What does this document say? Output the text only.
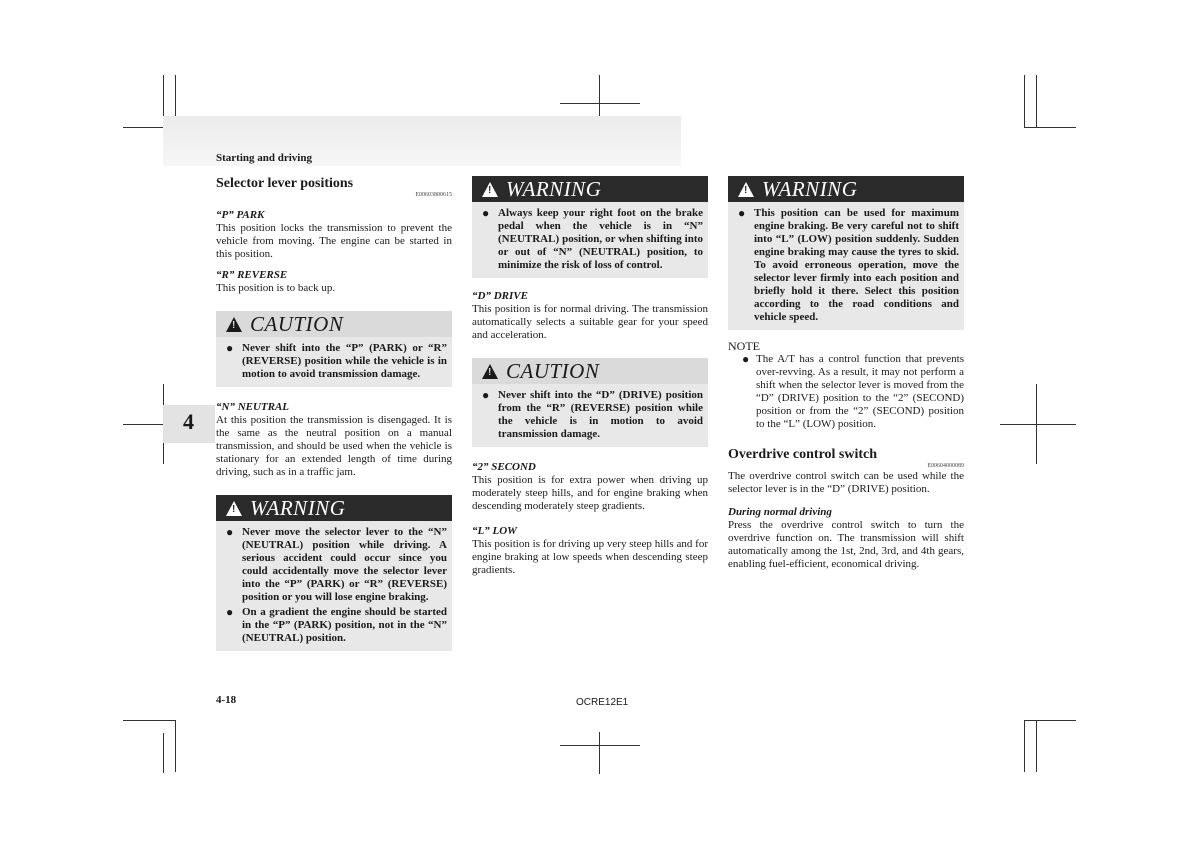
Starting and driving
4
Selector lever positions
E00603800615
“P” PARK

This position locks the transmission to prevent the vehicle from moving. The engine can be started in this position.

“R” REVERSE

This position is to back up.

!
CAUTION
● Never shift into the “P” (PARK) or “R” (REVERSE) position while the vehicle is in motion to avoid transmission damage.

“N” NEUTRAL

At this position the transmission is disengaged. It is the same as the neutral position on a manual transmission, and should be used when the vehicle is stationary for an extended length of time during driving, such as in a traffic jam.

!
WARNING
● Never move the selector lever to the “N” (NEUTRAL) position while driving. A serious accident could occur since you could accidentally move the selector lever into the “P” (PARK) or “R” (REVERSE) position or you will lose engine braking.

● On a gradient the engine should be started in the “P” (PARK) position, not in the “N” (NEUTRAL) position.

!
WARNING
● Always keep your right foot on the brake pedal when the vehicle is in “N” (NEUTRAL) position, or when shifting into or out of “N” (NEUTRAL) position, to minimize the risk of loss of control.

“D” DRIVE

This position is for normal driving. The transmission automatically selects a suitable gear for your speed and acceleration.

!
CAUTION
● Never shift into the “D” (DRIVE) position from the “R” (REVERSE) position while the vehicle is in motion to avoid transmission damage.

“2” SECOND

This position is for extra power when driving up moderately steep hills, and for engine braking when descending moderately steep gradients.

“L” LOW

This position is for driving up very steep hills and for engine braking at low speeds when descending steep gradients.

!
WARNING
● This position can be used for maximum engine braking. Be very careful not to shift into “L” (LOW) position suddenly. Sudden engine braking may cause the tyres to skid. To avoid erroneous operation, move the selector lever firmly into each position and briefly hold it there. Select this position according to the road conditions and vehicle speed.

NOTE
● The A/T has a control function that prevents over-revving. As a result, it may not perform a shift when the selector lever is moved from the “D” (DRIVE) position to the “2” (SECOND) position or from the “2” (SECOND) position to the “L” (LOW) position.

Overdrive control switch
E00604000089

The overdrive control switch can be used while the selector lever is in the “D” (DRIVE) position.

During normal driving

Press the overdrive control switch to turn the overdrive function on. The transmission will shift automatically among the 1st, 2nd, 3rd, and 4th gears, enabling fuel-efficient, economical driving.

4-18	OCRE12E1
